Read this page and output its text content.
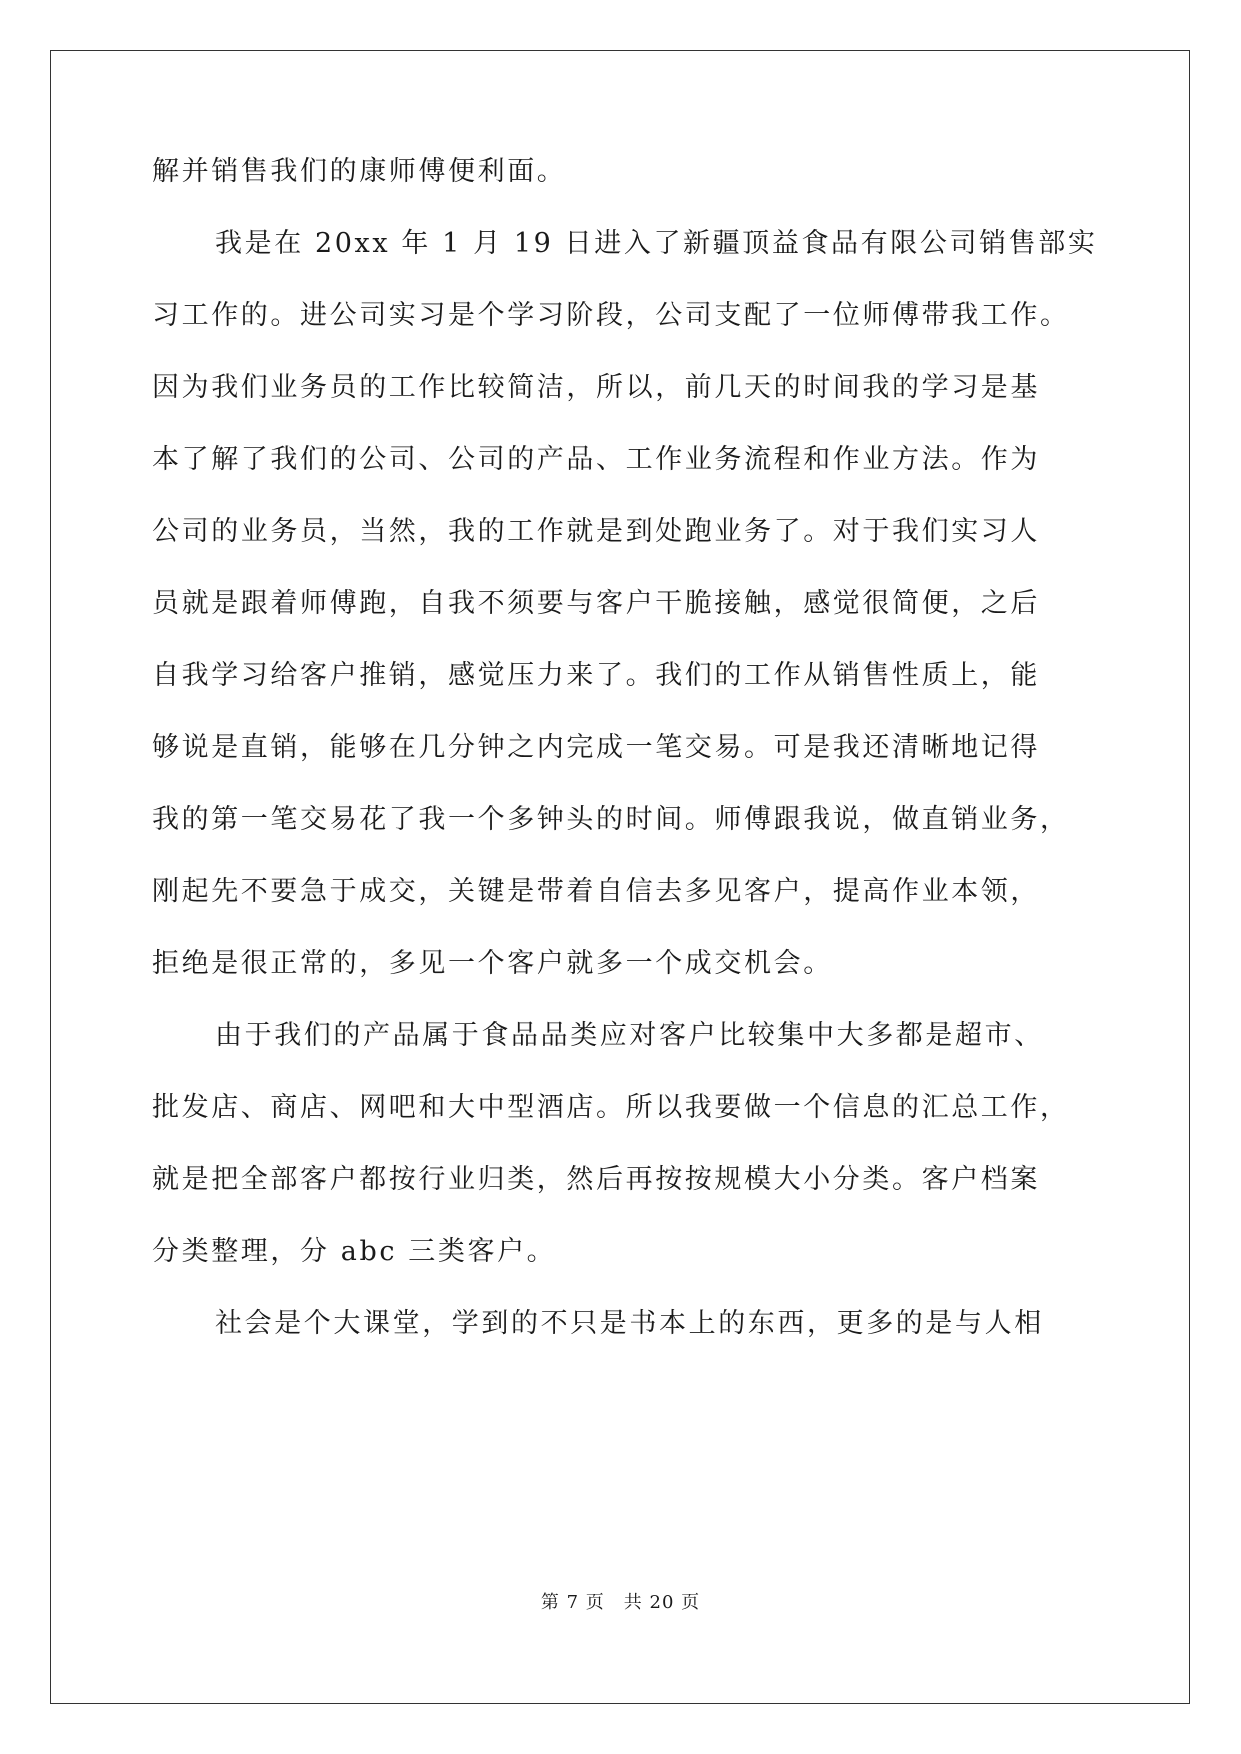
解并销售我们的康师傅便利面。

我是在 20xx 年 1 月 19 日进入了新疆顶益食品有限公司销售部实

习工作的。进公司实习是个学习阶段，公司支配了一位师傅带我工作。

因为我们业务员的工作比较简洁，所以，前几天的时间我的学习是基

本了解了我们的公司、公司的产品、工作业务流程和作业方法。作为

公司的业务员，当然，我的工作就是到处跑业务了。对于我们实习人

员就是跟着师傅跑，自我不须要与客户干脆接触，感觉很简便，之后

自我学习给客户推销，感觉压力来了。我们的工作从销售性质上，能

够说是直销，能够在几分钟之内完成一笔交易。可是我还清晰地记得

我的第一笔交易花了我一个多钟头的时间。师傅跟我说，做直销业务，

刚起先不要急于成交，关键是带着自信去多见客户，提高作业本领，

拒绝是很正常的，多见一个客户就多一个成交机会。

由于我们的产品属于食品品类应对客户比较集中大多都是超市、

批发店、商店、网吧和大中型酒店。所以我要做一个信息的汇总工作，

就是把全部客户都按行业归类，然后再按按规模大小分类。客户档案

分类整理，分 abc 三类客户。

社会是个大课堂，学到的不只是书本上的东西，更多的是与人相

第 7 页　共 20 页
